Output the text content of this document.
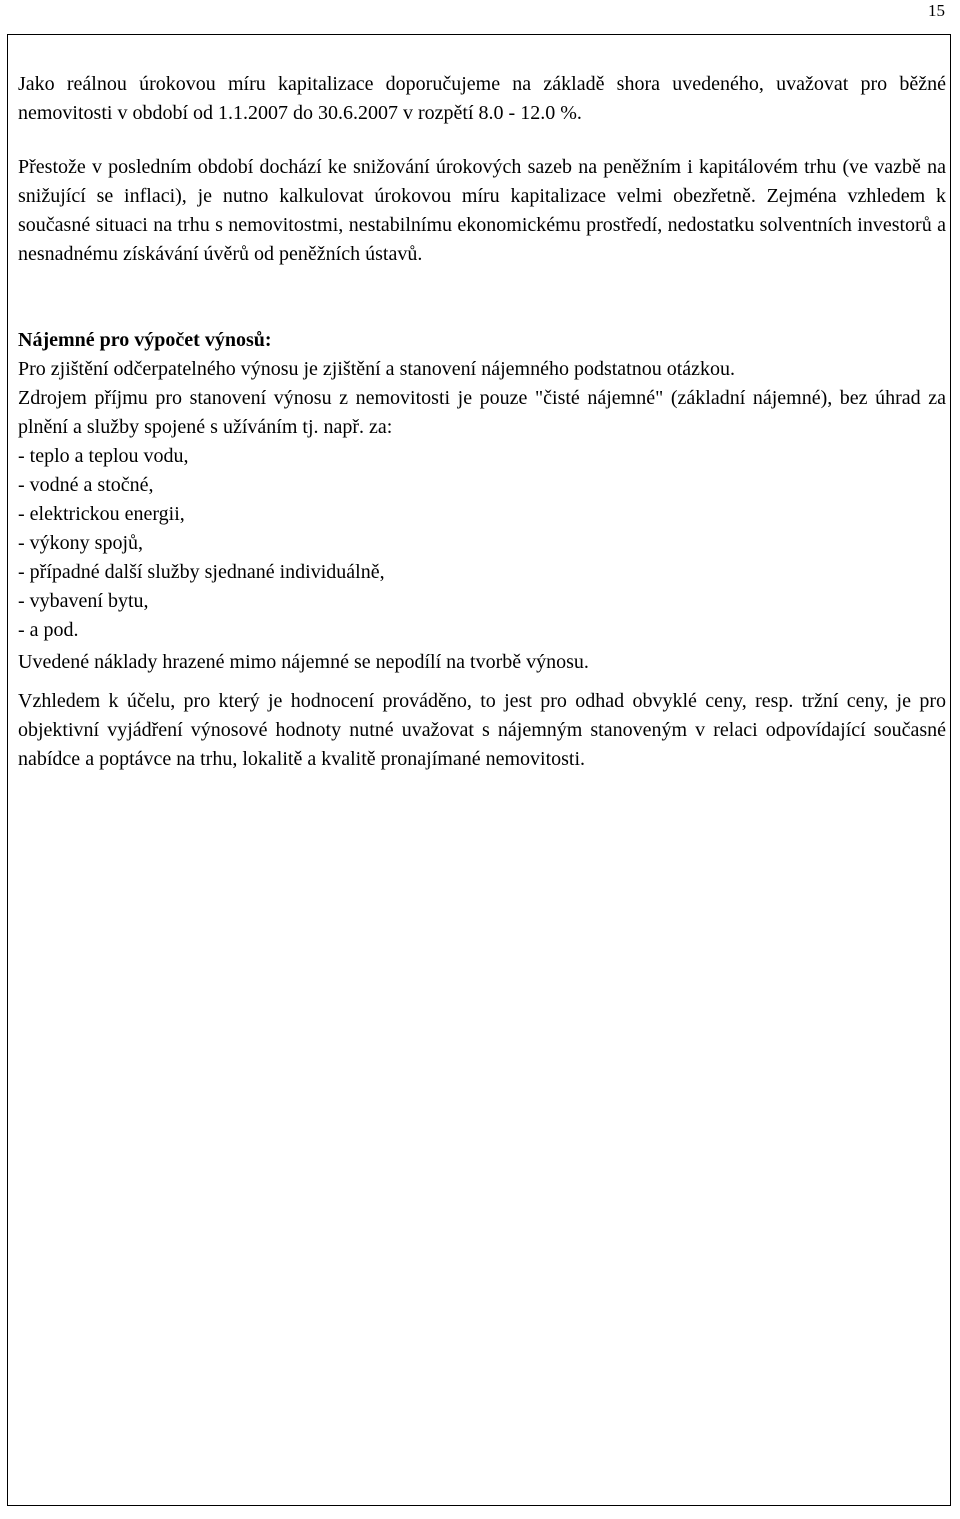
15

Jako reálnou úrokovou míru kapitalizace doporučujeme na základě shora uvedeného, uvažovat pro běžné nemovitosti v období od 1.1.2007 do 30.6.2007 v rozpětí 8.0 - 12.0 %.

Přestože v posledním období dochází ke snižování úrokových sazeb na peněžním i kapitálovém trhu (ve vazbě na snižující se inflaci), je nutno kalkulovat úrokovou míru kapitalizace velmi obezřetně. Zejména vzhledem k současné situaci na trhu s nemovitostmi, nestabilnímu ekonomickému prostředí, nedostatku solventních investorů a nesnadnému získávání úvěrů od peněžních ústavů.

Nájemné pro výpočet výnosů:

Pro zjištění odčerpatelného výnosu je zjištění a stanovení nájemného podstatnou otázkou.

Zdrojem příjmu pro stanovení výnosu z nemovitosti je pouze "čisté nájemné" (základní nájemné), bez úhrad za plnění a služby spojené s užíváním tj. např. za:

- teplo a teplou vodu,
- vodné a stočné,
- elektrickou energii,
- výkony spojů,
- případné další služby sjednané individuálně,
- vybavení bytu,
- a pod.

Uvedené náklady hrazené mimo nájemné se nepodílí na tvorbě výnosu.

Vzhledem k účelu, pro který je hodnocení prováděno, to jest pro odhad obvyklé ceny, resp. tržní ceny, je pro objektivní vyjádření výnosové hodnoty nutné uvažovat s nájemným stanoveným v relaci odpovídající současné nabídce a poptávce na trhu, lokalitě a kvalitě pronajímané nemovitosti.
